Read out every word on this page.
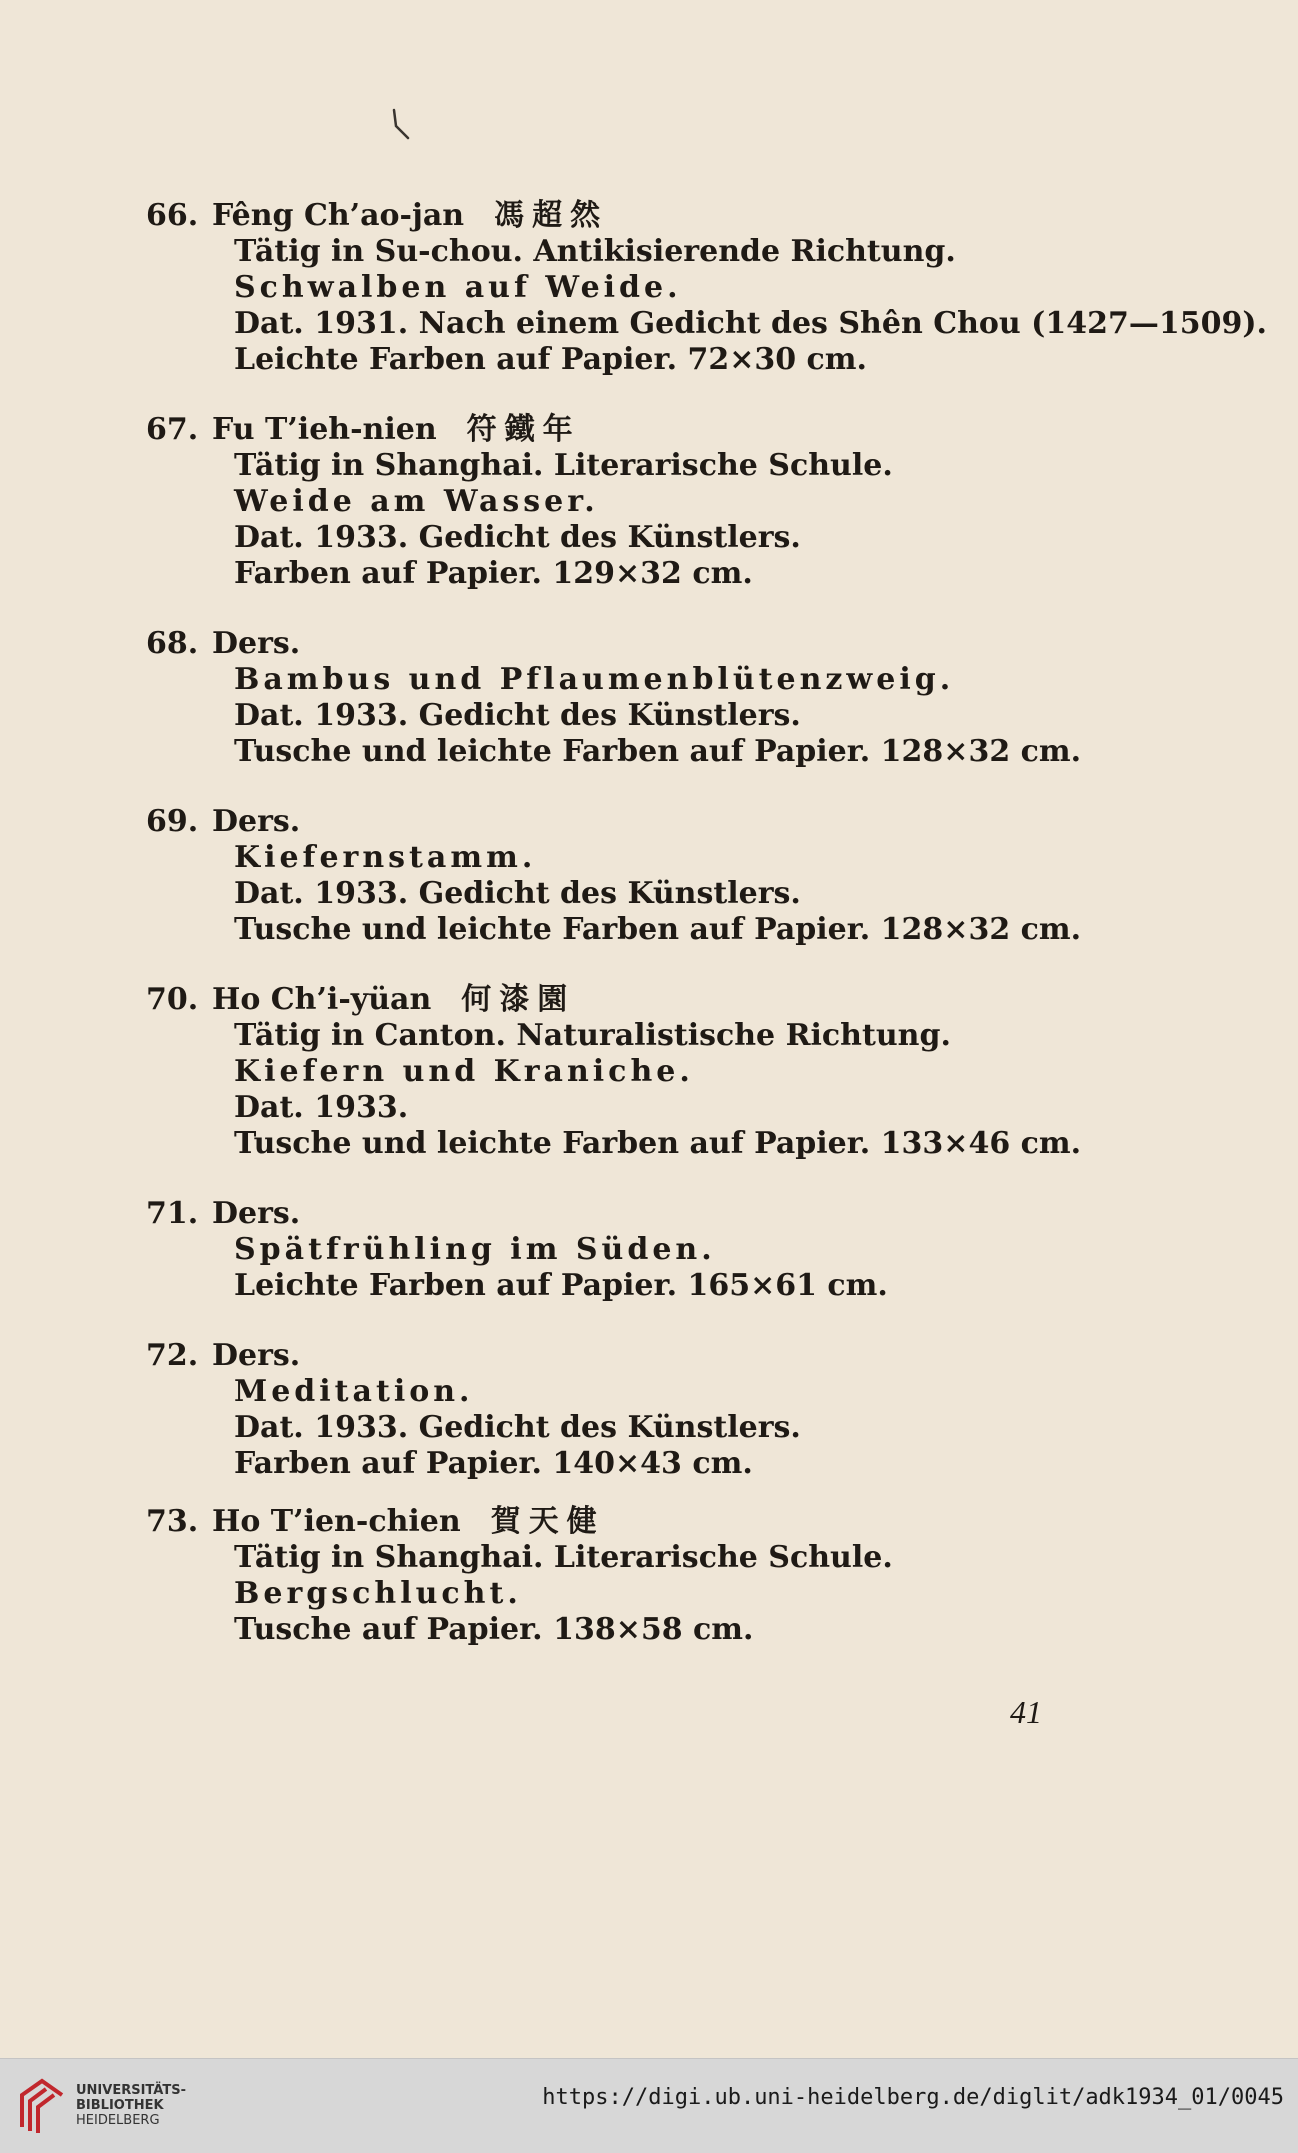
66. Fêng Ch’ao-jan 馮超然
Tätig in Su-chou. Antikisierende Richtung.
Schwalben auf Weide.
Dat. 1931. Nach einem Gedicht des Shên Chou (1427—1509).
Leichte Farben auf Papier. 72×30 cm.
67. Fu T’ieh-nien 符鐵年
Tätig in Shanghai. Literarische Schule.
Weide am Wasser.
Dat. 1933. Gedicht des Künstlers.
Farben auf Papier. 129×32 cm.
68. Ders.
Bambus und Pflaumenblütenzweig.
Dat. 1933. Gedicht des Künstlers.
Tusche und leichte Farben auf Papier. 128×32 cm.
69. Ders.
Kiefernstamm.
Dat. 1933. Gedicht des Künstlers.
Tusche und leichte Farben auf Papier. 128×32 cm.
70. Ho Ch’i-yüan 何漆園
Tätig in Canton. Naturalistische Richtung.
Kiefern und Kraniche.
Dat. 1933.
Tusche und leichte Farben auf Papier. 133×46 cm.
71. Ders.
Spätfrühling im Süden.
Leichte Farben auf Papier. 165×61 cm.
72. Ders.
Meditation.
Dat. 1933. Gedicht des Künstlers.
Farben auf Papier. 140×43 cm.
73. Ho T’ien-chien 賀天健
Tätig in Shanghai. Literarische Schule.
Bergschlucht.
Tusche auf Papier. 138×58 cm.
41
UNIVERSITÄTS-
BIBLIOTHEK
HEIDELBERG
https://digi.ub.uni-heidelberg.de/diglit/adk1934_01/0045
